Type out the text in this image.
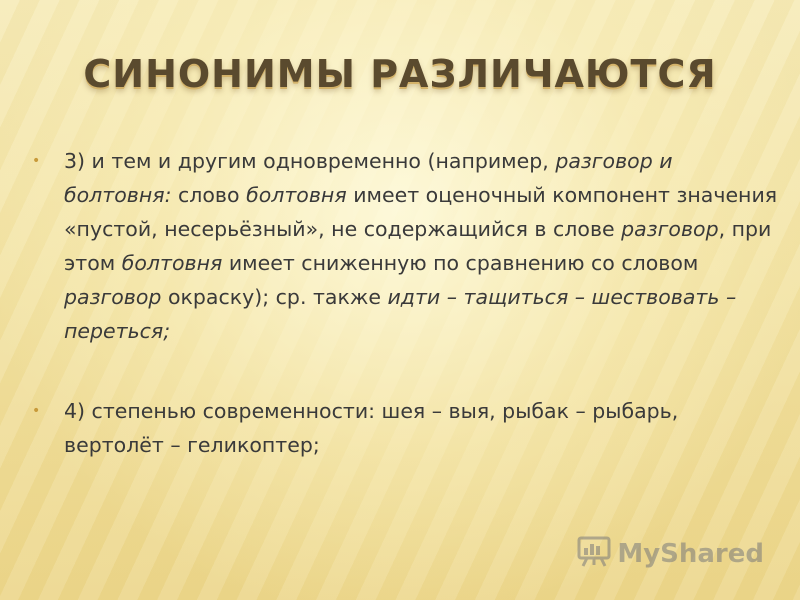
СИНОНИМЫ РАЗЛИЧАЮТСЯ
• 3) и тем и другим одновременно (например, разговор и болтовня: слово болтовня имеет оценочный компонент значения «пустой, несерьёзный», не содержащийся в слове разговор, при этом болтовня имеет сниженную по сравнению со словом разговор окраску); ср. также идти – тащиться – шествовать – переться;
• 4) степенью современности: шея – выя, рыбак – рыбарь, вертолёт – геликоптер;
MyShared
